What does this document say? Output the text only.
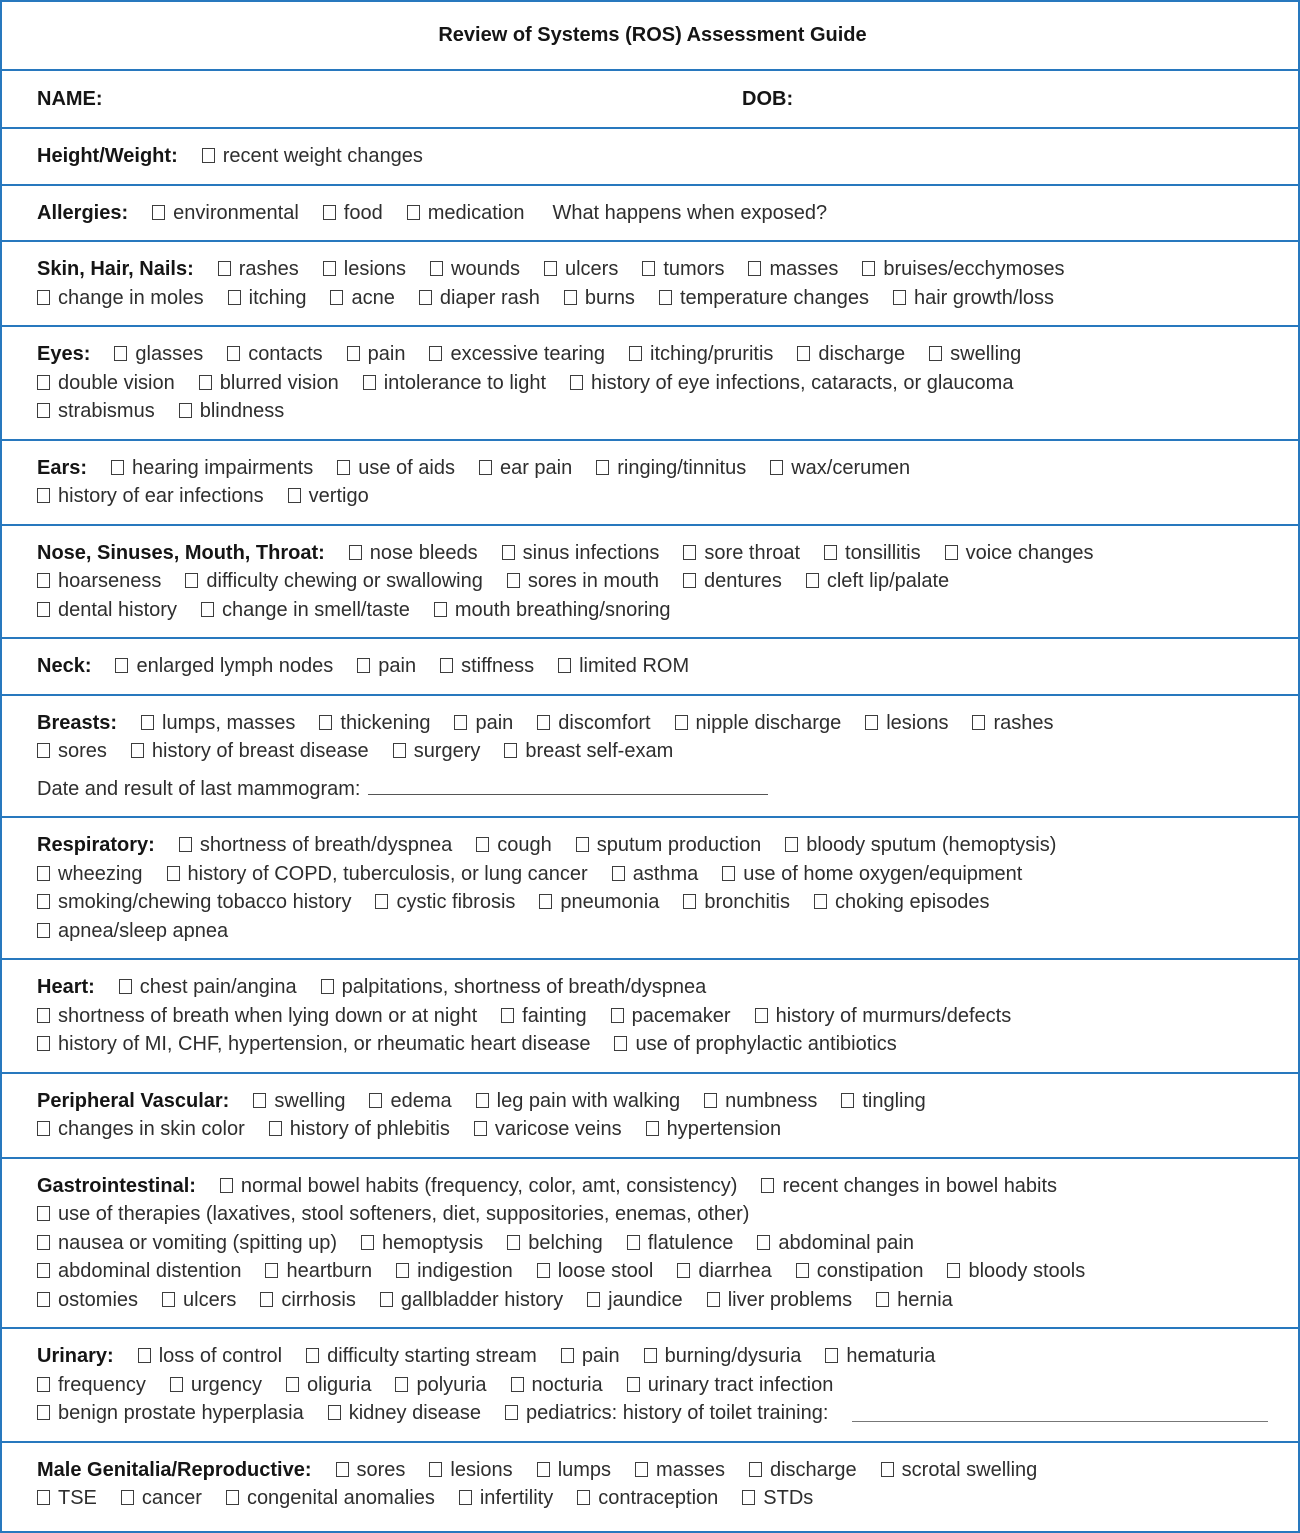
Review of Systems (ROS) Assessment Guide
NAME:	DOB:
Height/Weight:	recent weight changes
Allergies:	environmental	food	medication What happens when exposed?
Skin, Hair, Nails:	rashes	lesions	wounds	ulcers	tumors	masses	bruises/ecchymoses
change in moles	itching	acne	diaper rash	burns	temperature changes	hair growth/loss
Eyes:	glasses	contacts	pain	excessive tearing	itching/pruritis	discharge	swelling
double vision	blurred vision	intolerance to light	history of eye infections, cataracts, or glaucoma
strabismus	blindness
Ears:	hearing impairments	use of aids	ear pain	ringing/tinnitus	wax/cerumen
history of ear infections	vertigo
Nose, Sinuses, Mouth, Throat:	nose bleeds	sinus infections	sore throat	tonsillitis	voice changes
hoarseness	difficulty chewing or swallowing	sores in mouth	dentures	cleft lip/palate
dental history	change in smell/taste	mouth breathing/snoring
Neck:	enlarged lymph nodes	pain	stiffness	limited ROM
Breasts:	lumps, masses	thickening	pain	discomfort	nipple discharge	lesions	rashes
sores	history of breast disease	surgery	breast self-exam
Date and result of last mammogram:
Respiratory:	shortness of breath/dyspnea	cough	sputum production	bloody sputum (hemoptysis)
wheezing	history of COPD, tuberculosis, or lung cancer	asthma	use of home oxygen/equipment
smoking/chewing tobacco history	cystic fibrosis	pneumonia	bronchitis	choking episodes
apnea/sleep apnea
Heart:	chest pain/angina	palpitations, shortness of breath/dyspnea
shortness of breath when lying down or at night	fainting	pacemaker	history of murmurs/defects
history of MI, CHF, hypertension, or rheumatic heart disease	use of prophylactic antibiotics
Peripheral Vascular:	swelling	edema	leg pain with walking	numbness	tingling
changes in skin color	history of phlebitis	varicose veins	hypertension
Gastrointestinal:	normal bowel habits (frequency, color, amt, consistency)	recent changes in bowel habits
use of therapies (laxatives, stool softeners, diet, suppositories, enemas, other)
nausea or vomiting (spitting up)	hemoptysis	belching	flatulence	abdominal pain
abdominal distention	heartburn	indigestion	loose stool	diarrhea	constipation	bloody stools
ostomies	ulcers	cirrhosis	gallbladder history	jaundice	liver problems	hernia
Urinary:	loss of control	difficulty starting stream	pain	burning/dysuria	hematuria
frequency	urgency	oliguria	polyuria	nocturia	urinary tract infection
benign prostate hyperplasia	kidney disease	pediatrics: history of toilet training:
Male Genitalia/Reproductive:	sores	lesions	lumps	masses	discharge	scrotal swelling
TSE	cancer	congenital anomalies	infertility	contraception	STDs
